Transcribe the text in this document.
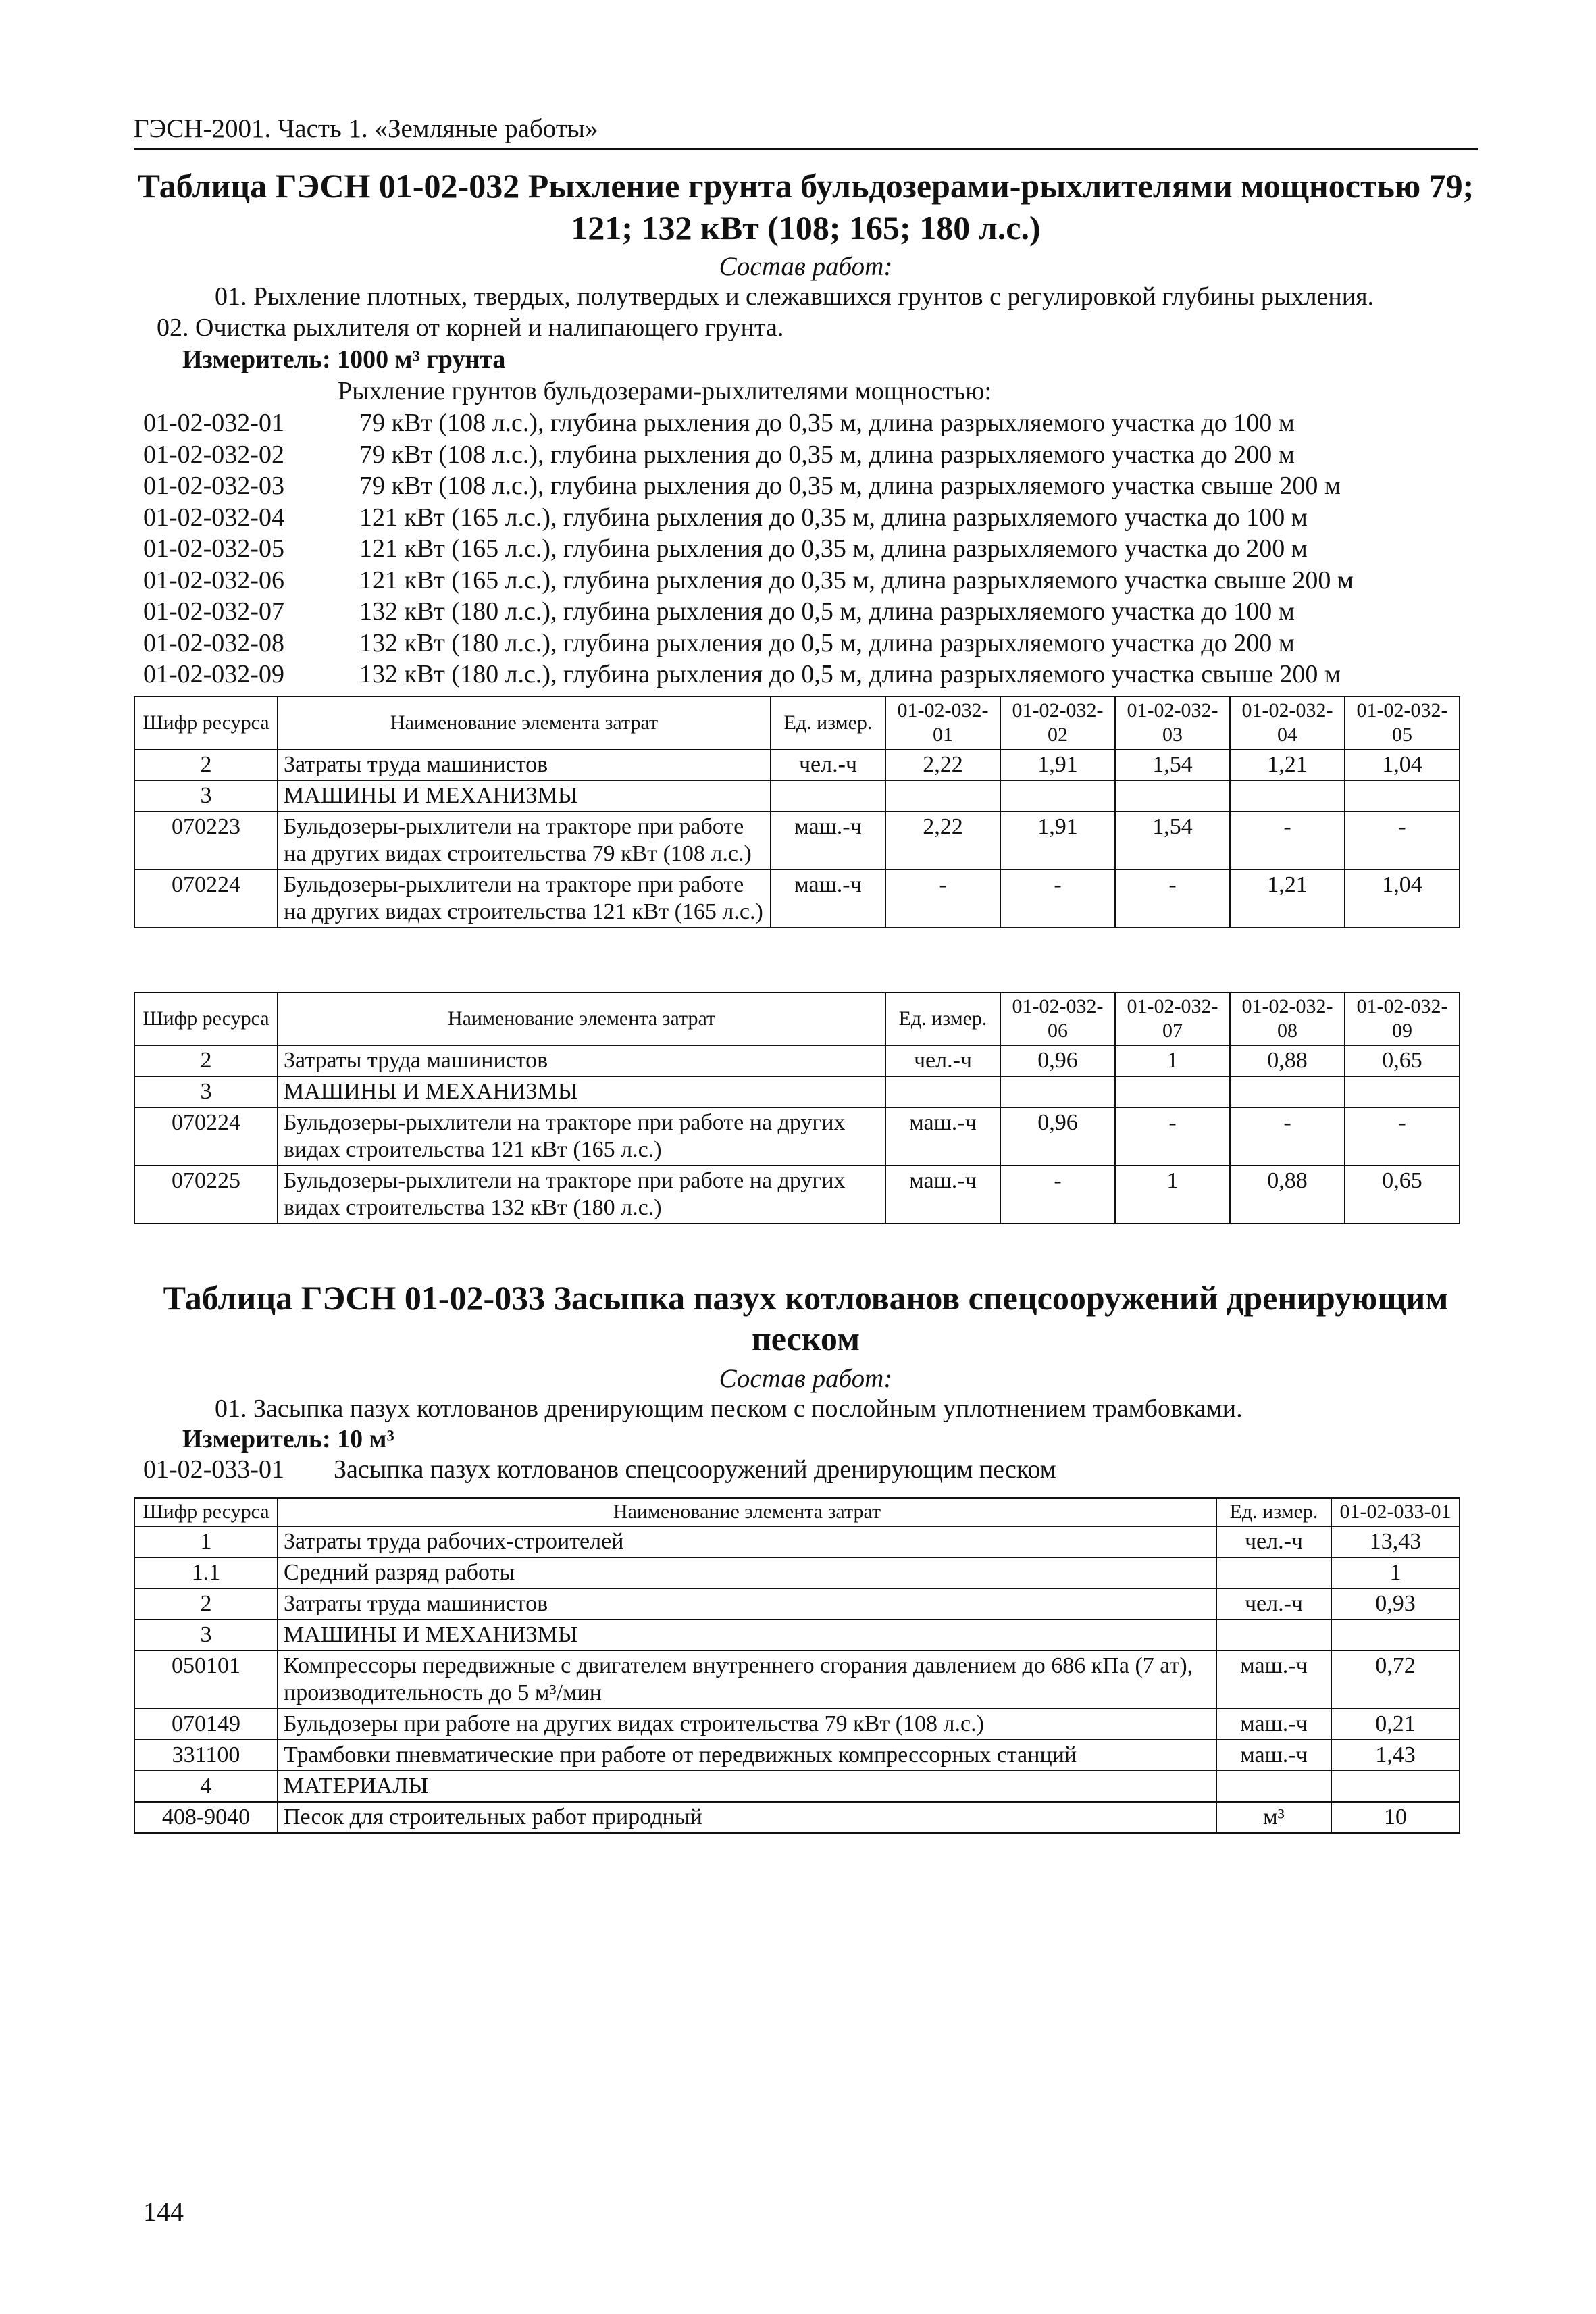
ГЭСН-2001. Часть 1. «Земляные работы»
Таблица ГЭСН 01-02-032 Рыхление грунта бульдозерами-рыхлителями мощностью 79;
121; 132 кВт (108; 165; 180 л.с.)
Состав работ:
01. Рыхление плотных, твердых, полутвердых и слежавшихся грунтов с регулировкой глубины рыхления.
02. Очистка рыхлителя от корней и налипающего грунта.
Измеритель: 1000 м³ грунта
Рыхление грунтов бульдозерами-рыхлителями мощностью:
01-02-032-01	79 кВт (108 л.с.), глубина рыхления до 0,35 м, длина разрыхляемого участка до 100 м
01-02-032-02	79 кВт (108 л.с.), глубина рыхления до 0,35 м, длина разрыхляемого участка до 200 м
01-02-032-03	79 кВт (108 л.с.), глубина рыхления до 0,35 м, длина разрыхляемого участка свыше 200 м
01-02-032-04	121 кВт (165 л.с.), глубина рыхления до 0,35 м, длина разрыхляемого участка до 100 м
01-02-032-05	121 кВт (165 л.с.), глубина рыхления до 0,35 м, длина разрыхляемого участка до 200 м
01-02-032-06	121 кВт (165 л.с.), глубина рыхления до 0,35 м, длина разрыхляемого участка свыше 200 м
01-02-032-07	132 кВт (180 л.с.), глубина рыхления до 0,5 м, длина разрыхляемого участка до 100 м
01-02-032-08	132 кВт (180 л.с.), глубина рыхления до 0,5 м, длина разрыхляемого участка до 200 м
01-02-032-09	132 кВт (180 л.с.), глубина рыхления до 0,5 м, длина разрыхляемого участка свыше 200 м
Шифр ресурса	Наименование элемента затрат	Ед. измер.	01-02-032-01	01-02-032-02	01-02-032-03	01-02-032-04	01-02-032-05
2	Затраты труда машинистов	чел.-ч	2,22	1,91	1,54	1,21	1,04
3	МАШИНЫ И МЕХАНИЗМЫ						
070223	Бульдозеры-рыхлители на тракторе при работе на других видах строительства 79 кВт (108 л.с.)	маш.-ч	2,22	1,91	1,54	-	-
070224	Бульдозеры-рыхлители на тракторе при работе на других видах строительства 121 кВт (165 л.с.)	маш.-ч	-	-	-	1,21	1,04
Шифр ресурса	Наименование элемента затрат	Ед. измер.	01-02-032-06	01-02-032-07	01-02-032-08	01-02-032-09
2	Затраты труда машинистов	чел.-ч	0,96	1	0,88	0,65
3	МАШИНЫ И МЕХАНИЗМЫ					
070224	Бульдозеры-рыхлители на тракторе при работе на других видах строительства 121 кВт (165 л.с.)	маш.-ч	0,96	-	-	-
070225	Бульдозеры-рыхлители на тракторе при работе на других видах строительства 132 кВт (180 л.с.)	маш.-ч	-	1	0,88	0,65
Таблица ГЭСН 01-02-033 Засыпка пазух котлованов спецсооружений дренирующим
песком
Состав работ:
01. Засыпка пазух котлованов дренирующим песком с послойным уплотнением трамбовками.
Измеритель: 10 м³
01-02-033-01	Засыпка пазух котлованов спецсооружений дренирующим песком
Шифр ресурса	Наименование элемента затрат	Ед. измер.	01-02-033-01
1	Затраты труда рабочих-строителей	чел.-ч	13,43
1.1	Средний разряд работы		1
2	Затраты труда машинистов	чел.-ч	0,93
3	МАШИНЫ И МЕХАНИЗМЫ		
050101	Компрессоры передвижные с двигателем внутреннего сгорания давлением до 686 кПа (7 ат), производительность до 5 м³/мин	маш.-ч	0,72
070149	Бульдозеры при работе на других видах строительства 79 кВт (108 л.с.)	маш.-ч	0,21
331100	Трамбовки пневматические при работе от передвижных компрессорных станций	маш.-ч	1,43
4	МАТЕРИАЛЫ		
408-9040	Песок для строительных работ природный	м³	10
144
